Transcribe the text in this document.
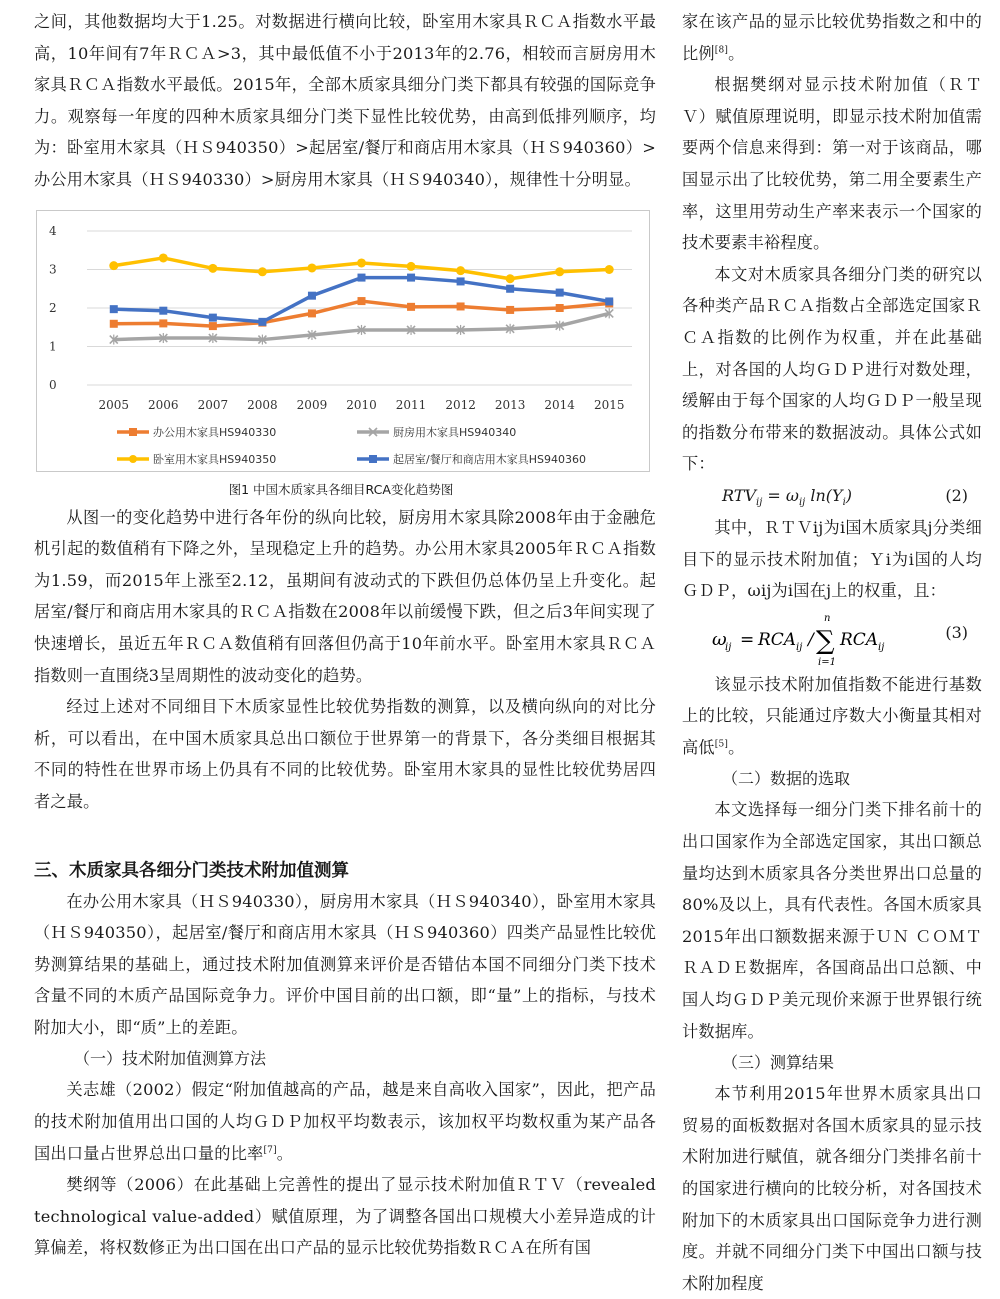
之间，其他数据均大于1.25。对数据进行横向比较，卧室用木家具ＲＣＡ指数水平最高，10年间有7年ＲＣＡ>3，其中最低值不小于2013年的2.76，相较而言厨房用木家具ＲＣＡ指数水平最低。2015年，全部木质家具细分门类下都具有较强的国际竞争力。观察每一年度的四种木质家具细分门类下显性比较优势，由高到低排列顺序，均为：卧室用木家具（ＨＳ940350）>起居室/餐厅和商店用木家具（ＨＳ940360）>办公用木家具（ＨＳ940330）>厨房用木家具（ＨＳ940340），规律性十分明显。

0
1
2
3
4
2005 2006 2007 2008 2009 2010 2011 2012 2013 2014 2015
办公用木家具HS940330	厨房用木家具HS940340
卧室用木家具HS940350	起居室/餐厅和商店用木家具HS940360
图1 中国木质家具各细目RCA变化趋势图

从图一的变化趋势中进行各年份的纵向比较，厨房用木家具除2008年由于金融危机引起的数值稍有下降之外，呈现稳定上升的趋势。办公用木家具2005年ＲＣＡ指数为1.59，而2015年上涨至2.12，虽期间有波动式的下跌但仍总体仍呈上升变化。起居室/餐厅和商店用木家具的ＲＣＡ指数在2008年以前缓慢下跌，但之后3年间实现了快速增长，虽近五年ＲＣＡ数值稍有回落但仍高于10年前水平。卧室用木家具ＲＣＡ指数则一直围绕3呈周期性的波动变化的趋势。

经过上述对不同细目下木质家显性比较优势指数的测算，以及横向纵向的对比分析，可以看出，在中国木质家具总出口额位于世界第一的背景下，各分类细目根据其不同的特性在世界市场上仍具有不同的比较优势。卧室用木家具的显性比较优势居四者之最。

三、木质家具各细分门类技术附加值测算

在办公用木家具（ＨＳ940330），厨房用木家具（ＨＳ940340），卧室用木家具（ＨＳ940350），起居室/餐厅和商店用木家具（ＨＳ940360）四类产品显性比较优势测算结果的基础上，通过技术附加值测算来评价是否错估本国不同细分门类下技术含量不同的木质产品国际竞争力。评价中国目前的出口额，即“量”上的指标，与技术附加大小，即“质”上的差距。

（一）技术附加值测算方法

关志雄（2002）假定“附加值越高的产品，越是来自高收入国家”，因此，把产品的技术附加值用出口国的人均ＧＤＰ加权平均数表示，该加权平均数权重为某产品各国出口量占世界总出口量的比率[7]。

樊纲等（2006）在此基础上完善性的提出了显示技术附加值ＲＴＶ（revealed technological value-added）赋值原理，为了调整各国出口规模大小差异造成的计算偏差，将权数修正为出口国在出口产品的显示比较优势指数ＲＣＡ在所有国

家在该产品的显示比较优势指数之和中的比例[8]。

根据樊纲对显示技术附加值（ＲＴＶ）赋值原理说明，即显示技术附加值需要两个信息来得到：第一对于该商品，哪国显示出了比较优势，第二用全要素生产率，这里用劳动生产率来表示一个国家的技术要素丰裕程度。

本文对木质家具各细分门类的研究以各种类产品ＲＣＡ指数占全部选定国家ＲＣＡ指数的比例作为权重，并在此基础上，对各国的人均ＧＤＰ进行对数处理，缓解由于每个国家的人均ＧＤＰ一般呈现的指数分布带来的数据波动。具体公式如下：

$RTV_{ij} = \omega_{ij}$ $\ln(Y_i)$	(2)

其中，ＲＴＶij为i国木质家具j分类细目下的显示技术附加值；Ｙi为i国的人均ＧＤＰ，ωij为i国在j上的权重，且：

ω
ij = RCA ij /
n
∑
i=1
RCA ij
(3)

该显示技术附加值指数不能进行基数上的比较，只能通过序数大小衡量其相对高低[5]。

（二）数据的选取

本文选择每一细分门类下排名前十的出口国家作为全部选定国家，其出口额总量均达到木质家具各分类世界出口总量的80%及以上，具有代表性。各国木质家具2015年出口额数据来源于ＵＮ ＣＯＭＴＲＡＤＥ数据库，各国商品出口总额、中国人均ＧＤＰ美元现价来源于世界银行统计数据库。

（三）测算结果

本节利用2015年世界木质家具出口贸易的面板数据对各国木质家具的显示技术附加进行赋值，就各细分门类排名前十的国家进行横向的比较分析，对各国技术附加下的木质家具出口国际竞争力进行测度。并就不同细分门类下中国出口额与技术附加程度
